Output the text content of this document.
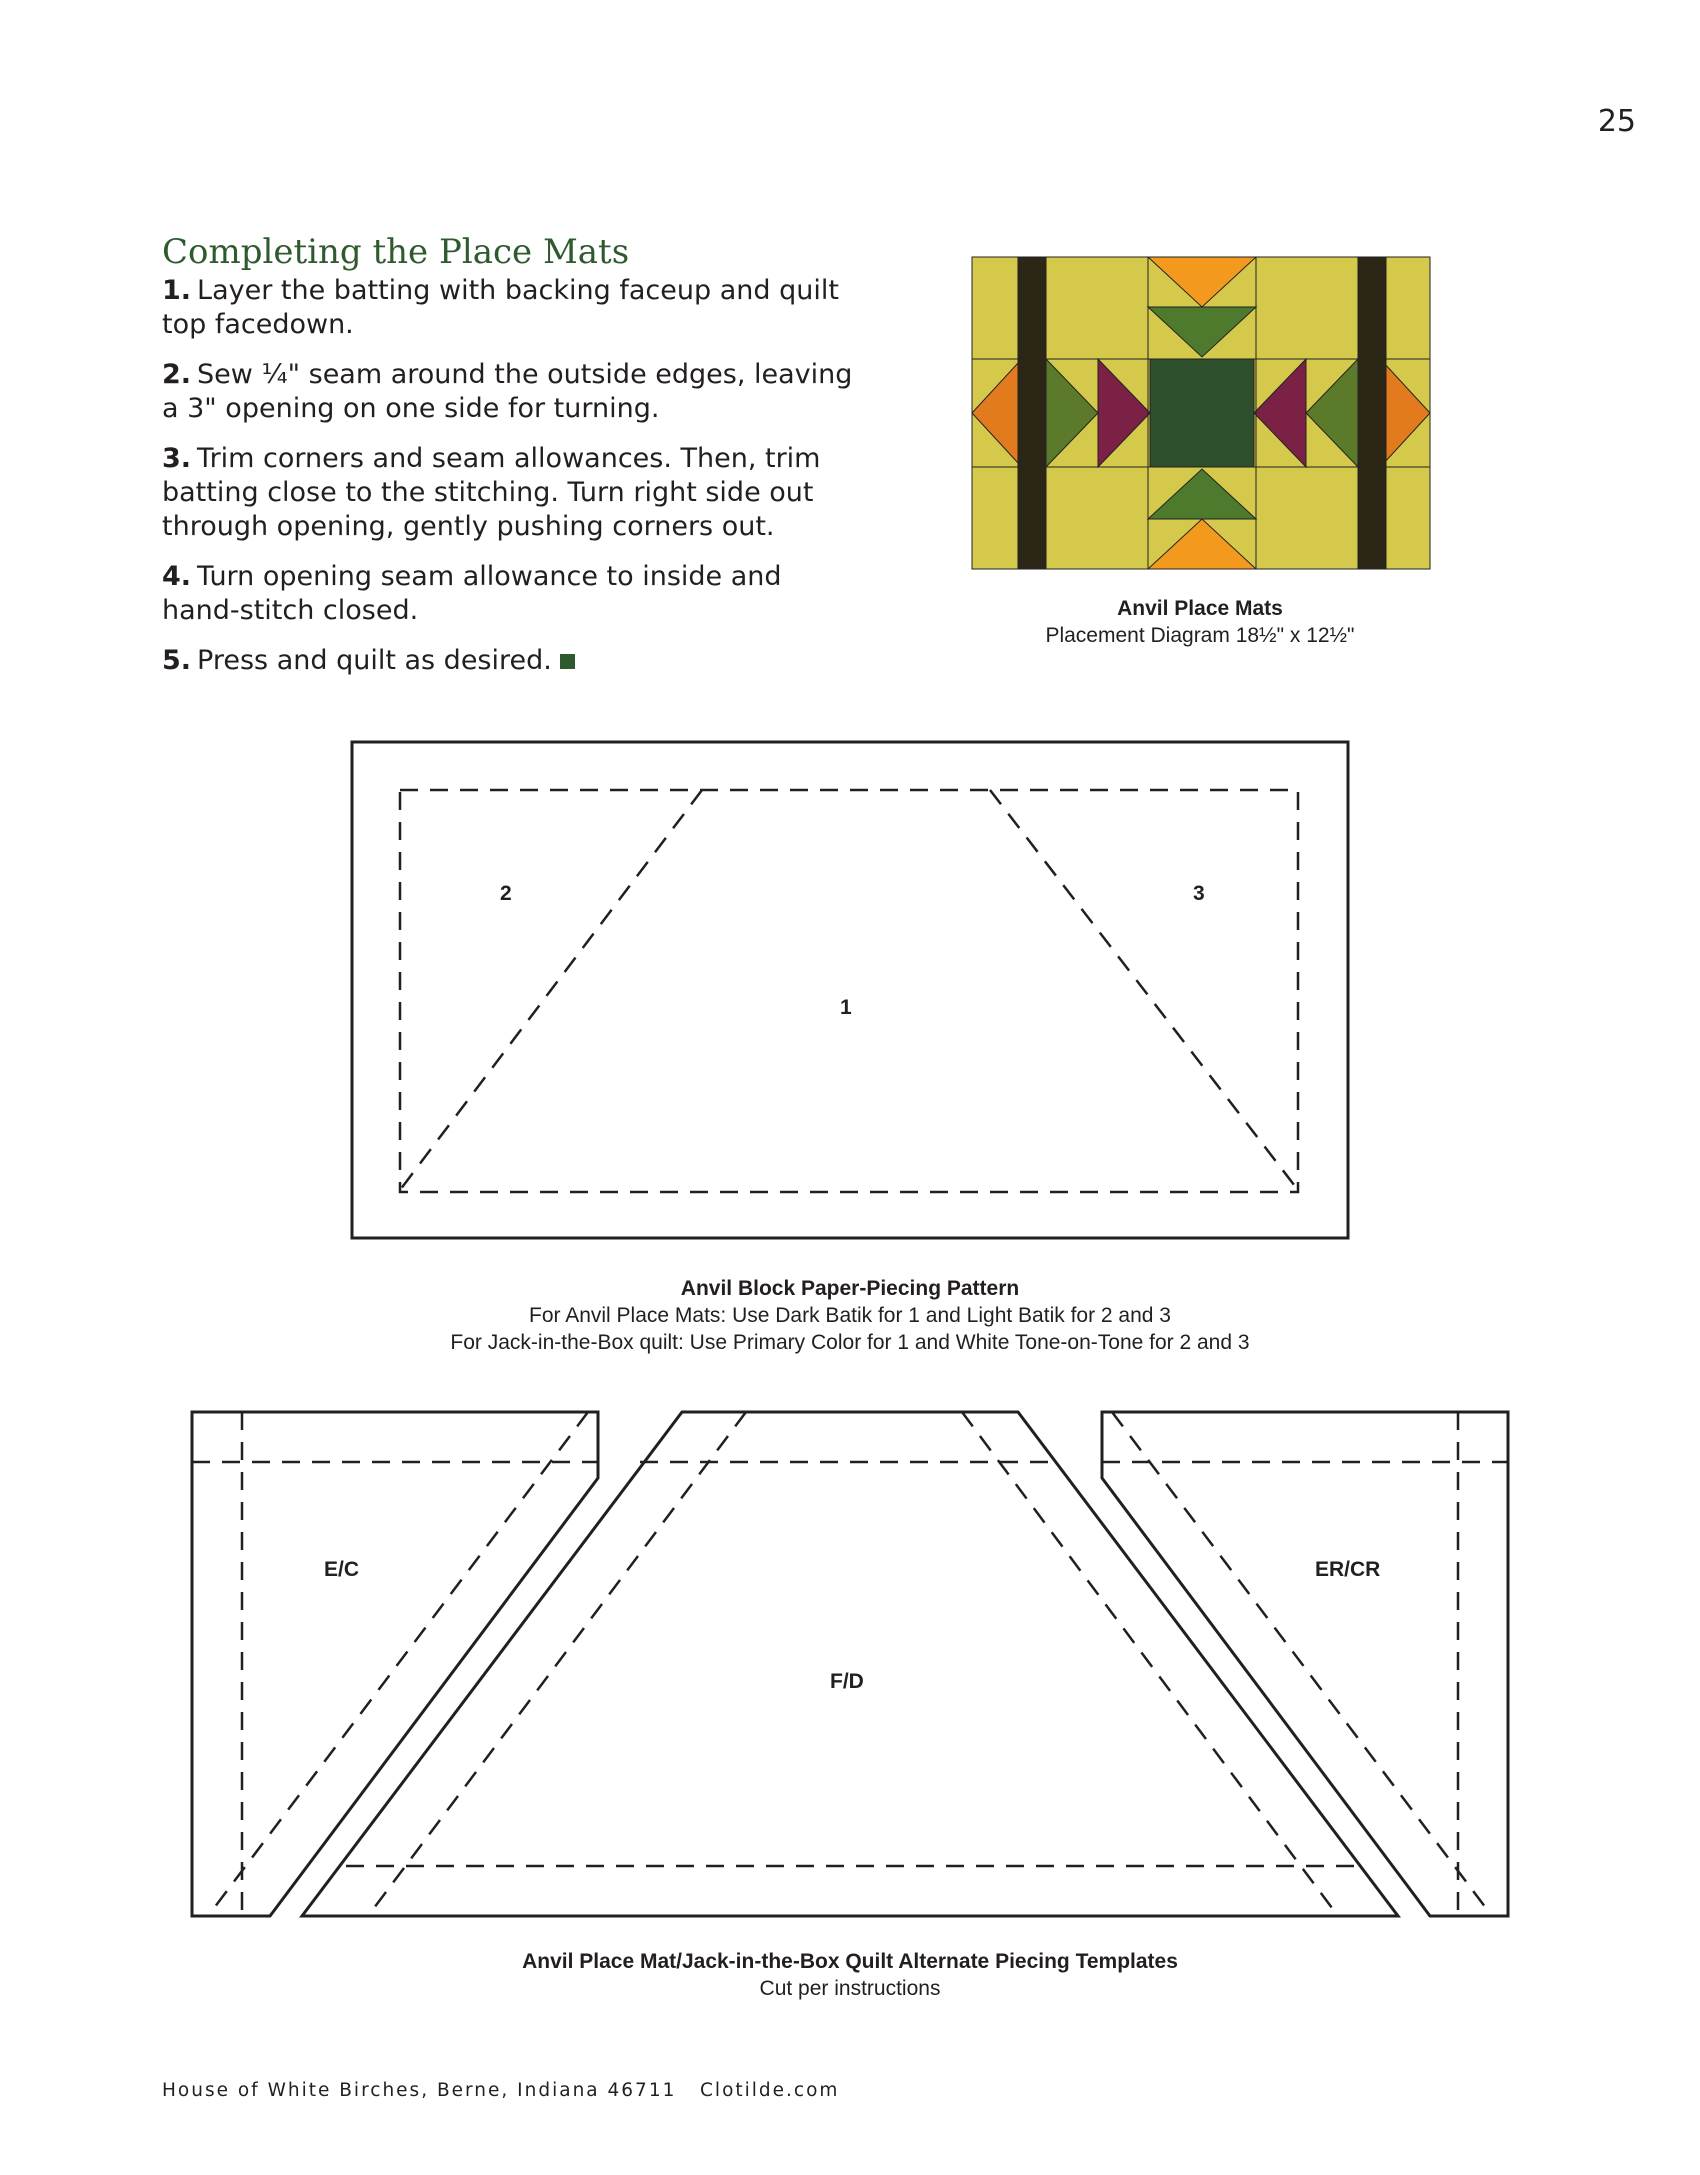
25
Completing the Place Mats
1. Layer the batting with backing faceup and quilt top facedown.
2. Sew ¼" seam around the outside edges, leaving a 3" opening on one side for turning.
3. Trim corners and seam allowances. Then, trim batting close to the stitching. Turn right side out through opening, gently pushing corners out.
4. Turn opening seam allowance to inside and hand-stitch closed.
5. Press and quilt as desired.
Anvil Place Mats
Placement Diagram 18½" x 12½"
2	3
1
Anvil Block Paper-Piecing Pattern
For Anvil Place Mats: Use Dark Batik for 1 and Light Batik for 2 and 3
For Jack-in-the-Box quilt: Use Primary Color for 1 and White Tone-on-Tone for 2 and 3
E/C
F/D
ER/CR
Anvil Place Mat/Jack-in-the-Box Quilt Alternate Piecing Templates
Cut per instructions
House of White Birches, Berne, Indiana 46711   Clotilde.com
